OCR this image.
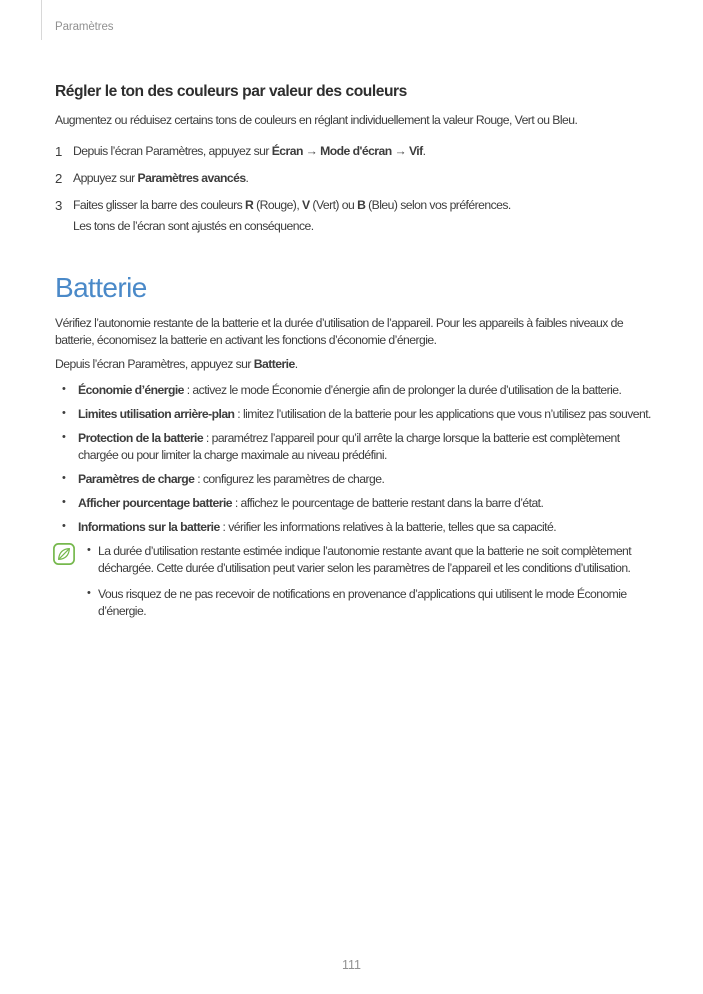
Paramètres
Régler le ton des couleurs par valeur des couleurs

Augmentez ou réduisez certains tons de couleurs en réglant individuellement la valeur Rouge, Vert ou Bleu.

1 Depuis l’écran Paramètres, appuyez sur Écran → Mode d'écran → Vif.
2 Appuyez sur Paramètres avancés.
3 Faites glisser la barre des couleurs R (Rouge), V (Vert) ou B (Bleu) selon vos préférences.
Les tons de l’écran sont ajustés en conséquence.
Batterie

Vérifiez l’autonomie restante de la batterie et la durée d’utilisation de l’appareil. Pour les appareils à faibles niveaux de batterie, économisez la batterie en activant les fonctions d’économie d’énergie.

Depuis l’écran Paramètres, appuyez sur Batterie.

• Économie d’énergie : activez le mode Économie d’énergie afin de prolonger la durée d’utilisation de la batterie.
• Limites utilisation arrière-plan : limitez l’utilisation de la batterie pour les applications que vous n’utilisez pas souvent.
• Protection de la batterie : paramétrez l’appareil pour qu’il arrête la charge lorsque la batterie est complètement chargée ou pour limiter la charge maximale au niveau prédéfini.
• Paramètres de charge : configurez les paramètres de charge.
• Afficher pourcentage batterie : affichez le pourcentage de batterie restant dans la barre d’état.
• Informations sur la batterie : vérifier les informations relatives à la batterie, telles que sa capacité.
• La durée d’utilisation restante estimée indique l’autonomie restante avant que la batterie ne soit complètement déchargée. Cette durée d’utilisation peut varier selon les paramètres de l’appareil et les conditions d’utilisation.
• Vous risquez de ne pas recevoir de notifications en provenance d’applications qui utilisent le mode Économie d’énergie.
111
